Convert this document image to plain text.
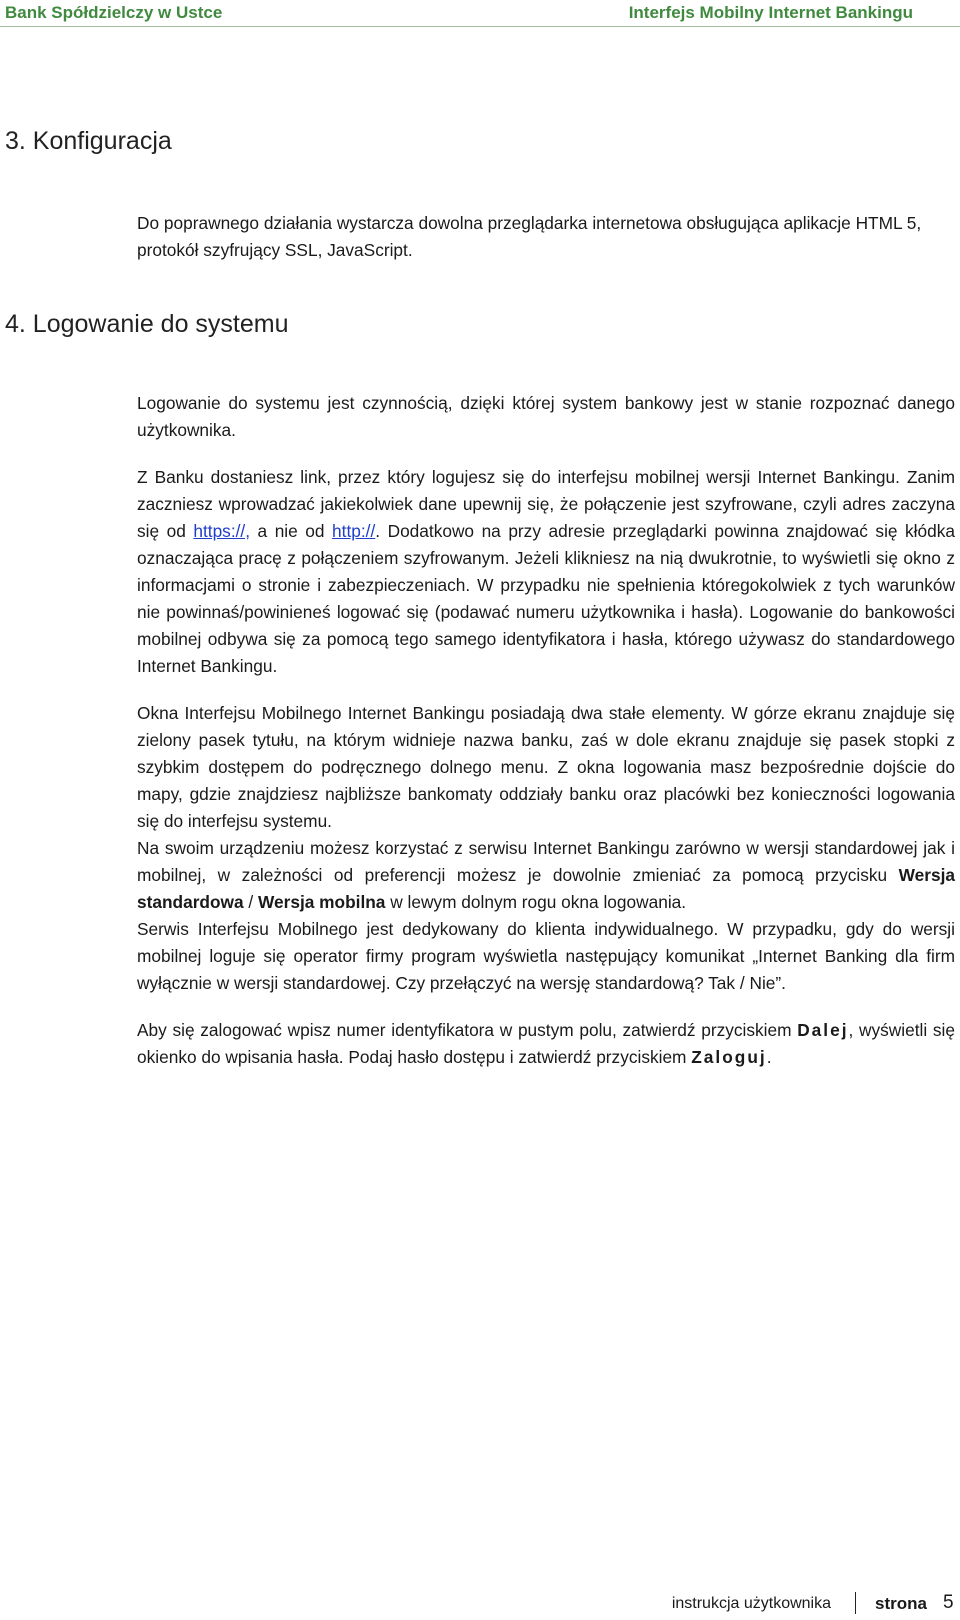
Bank Spółdzielczy w Ustce	Interfejs Mobilny Internet Bankingu
3. Konfiguracja

Do poprawnego działania wystarcza dowolna przeglądarka internetowa obsługująca aplikacje HTML 5, protokół szyfrujący SSL, JavaScript.

4. Logowanie do systemu

Logowanie do systemu jest czynnością, dzięki której system bankowy jest w stanie rozpoznać danego użytkownika.

Z Banku dostaniesz link, przez który logujesz się do interfejsu mobilnej wersji Internet Bankingu. Zanim zaczniesz wprowadzać jakiekolwiek dane upewnij się, że połączenie jest szyfrowane, czyli adres zaczyna się od https://, a nie od http://. Dodatkowo na przy adresie przeglądarki powinna znajdować się kłódka oznaczająca pracę z połączeniem szyfrowanym. Jeżeli klikniesz na nią dwukrotnie, to wyświetli się okno z informacjami o stronie i zabezpieczeniach. W przypadku nie spełnienia któregokolwiek z tych warunków nie powinnaś/powinieneś logować się (podawać numeru użytkownika i hasła). Logowanie do bankowości mobilnej odbywa się za pomocą tego samego identyfikatora i hasła, którego używasz do standardowego Internet Bankingu.

Okna Interfejsu Mobilnego Internet Bankingu posiadają dwa stałe elementy. W górze ekranu znajduje się zielony pasek tytułu, na którym widnieje nazwa banku, zaś w dole ekranu znajduje się pasek stopki z szybkim dostępem do podręcznego dolnego menu. Z okna logowania masz bezpośrednie dojście do mapy, gdzie znajdziesz najbliższe bankomaty oddziały banku oraz placówki bez konieczności logowania się do interfejsu systemu.

Na swoim urządzeniu możesz korzystać z serwisu Internet Bankingu zarówno w wersji standardowej jak i mobilnej, w zależności od preferencji możesz je dowolnie zmieniać za pomocą przycisku Wersja standardowa / Wersja mobilna w lewym dolnym rogu okna logowania.

Serwis Interfejsu Mobilnego jest dedykowany do klienta indywidualnego. W przypadku, gdy do wersji mobilnej loguje się operator firmy program wyświetla następujący komunikat „Internet Banking dla firm wyłącznie w wersji standardowej. Czy przełączyć na wersję standardową? Tak / Nie”.

Aby się zalogować wpisz numer identyfikatora w pustym polu, zatwierdź przyciskiem Dalej, wyświetli się okienko do wpisania hasła. Podaj hasło dostępu i zatwierdź przyciskiem Zaloguj.

instrukcja użytkownika	strona 5
